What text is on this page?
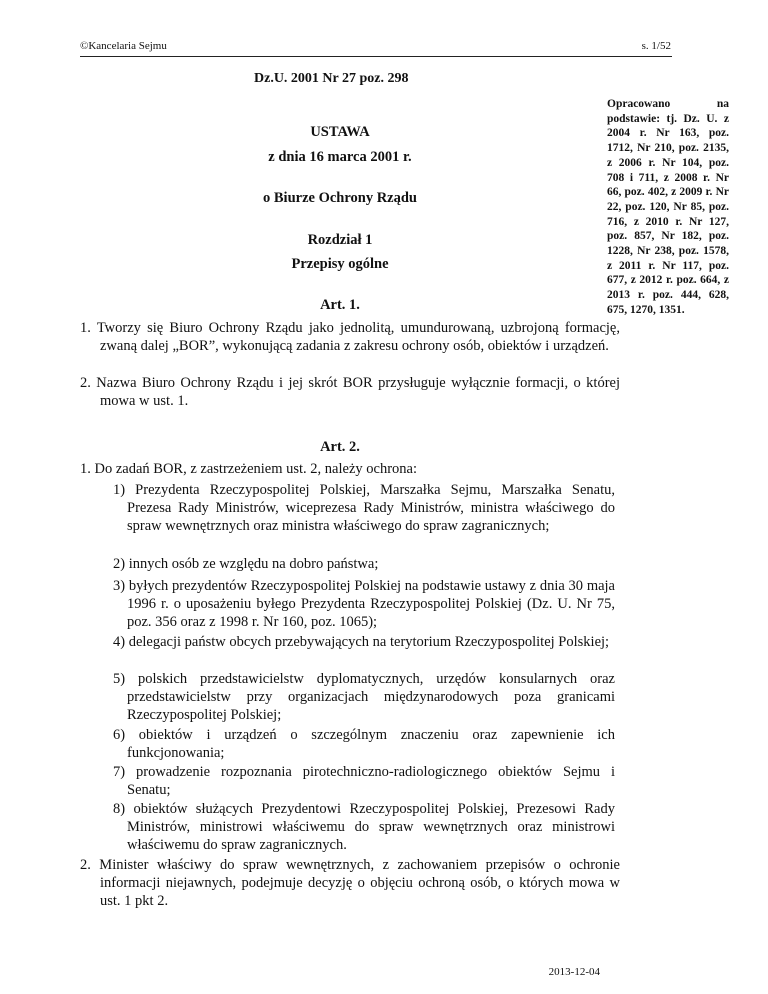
©Kancelaria Sejmu	s. 1/52
Dz.U. 2001 Nr 27 poz. 298
Opracowano na podstawie: tj. Dz. U. z 2004 r. Nr 163, poz. 1712, Nr 210, poz. 2135, z 2006 r. Nr 104, poz. 708 i 711, z 2008 r. Nr 66, poz. 402, z 2009 r. Nr 22, poz. 120, Nr 85, poz. 716, z 2010 r. Nr 127, poz. 857, Nr 182, poz. 1228, Nr 238, poz. 1578, z 2011 r. Nr 117, poz. 677, z 2012 r. poz. 664, z 2013 r. poz. 444, 628, 675, 1270, 1351.
USTAWA
z dnia 16 marca 2001 r.
o Biurze Ochrony Rządu
Rozdział 1
Przepisy ogólne
Art. 1.
1. Tworzy się Biuro Ochrony Rządu jako jednolitą, umundurowaną, uzbrojoną formację, zwaną dalej „BOR”, wykonującą zadania z zakresu ochrony osób, obiektów i urządzeń.
2. Nazwa Biuro Ochrony Rządu i jej skrót BOR przysługuje wyłącznie formacji, o której mowa w ust. 1.
Art. 2.
1. Do zadań BOR, z zastrzeżeniem ust. 2, należy ochrona:
1) Prezydenta Rzeczypospolitej Polskiej, Marszałka Sejmu, Marszałka Senatu, Prezesa Rady Ministrów, wiceprezesa Rady Ministrów, ministra właściwego do spraw wewnętrznych oraz ministra właściwego do spraw zagranicznych;
2) innych osób ze względu na dobro państwa;
3) byłych prezydentów Rzeczypospolitej Polskiej na podstawie ustawy z dnia 30 maja 1996 r. o uposażeniu byłego Prezydenta Rzeczypospolitej Polskiej (Dz. U. Nr 75, poz. 356 oraz z 1998 r. Nr 160, poz. 1065);
4) delegacji państw obcych przebywających na terytorium Rzeczypospolitej Polskiej;
5) polskich przedstawicielstw dyplomatycznych, urzędów konsularnych oraz przedstawicielstw przy organizacjach międzynarodowych poza granicami Rzeczypospolitej Polskiej;
6) obiektów i urządzeń o szczególnym znaczeniu oraz zapewnienie ich funkcjonowania;
7) prowadzenie rozpoznania pirotechniczno-radiologicznego obiektów Sejmu i Senatu;
8) obiektów służących Prezydentowi Rzeczypospolitej Polskiej, Prezesowi Rady Ministrów, ministrowi właściwemu do spraw wewnętrznych oraz ministrowi właściwemu do spraw zagranicznych.
2. Minister właściwy do spraw wewnętrznych, z zachowaniem przepisów o ochronie informacji niejawnych, podejmuje decyzję o objęciu ochroną osób, o których mowa w ust. 1 pkt 2.
2013-12-04
